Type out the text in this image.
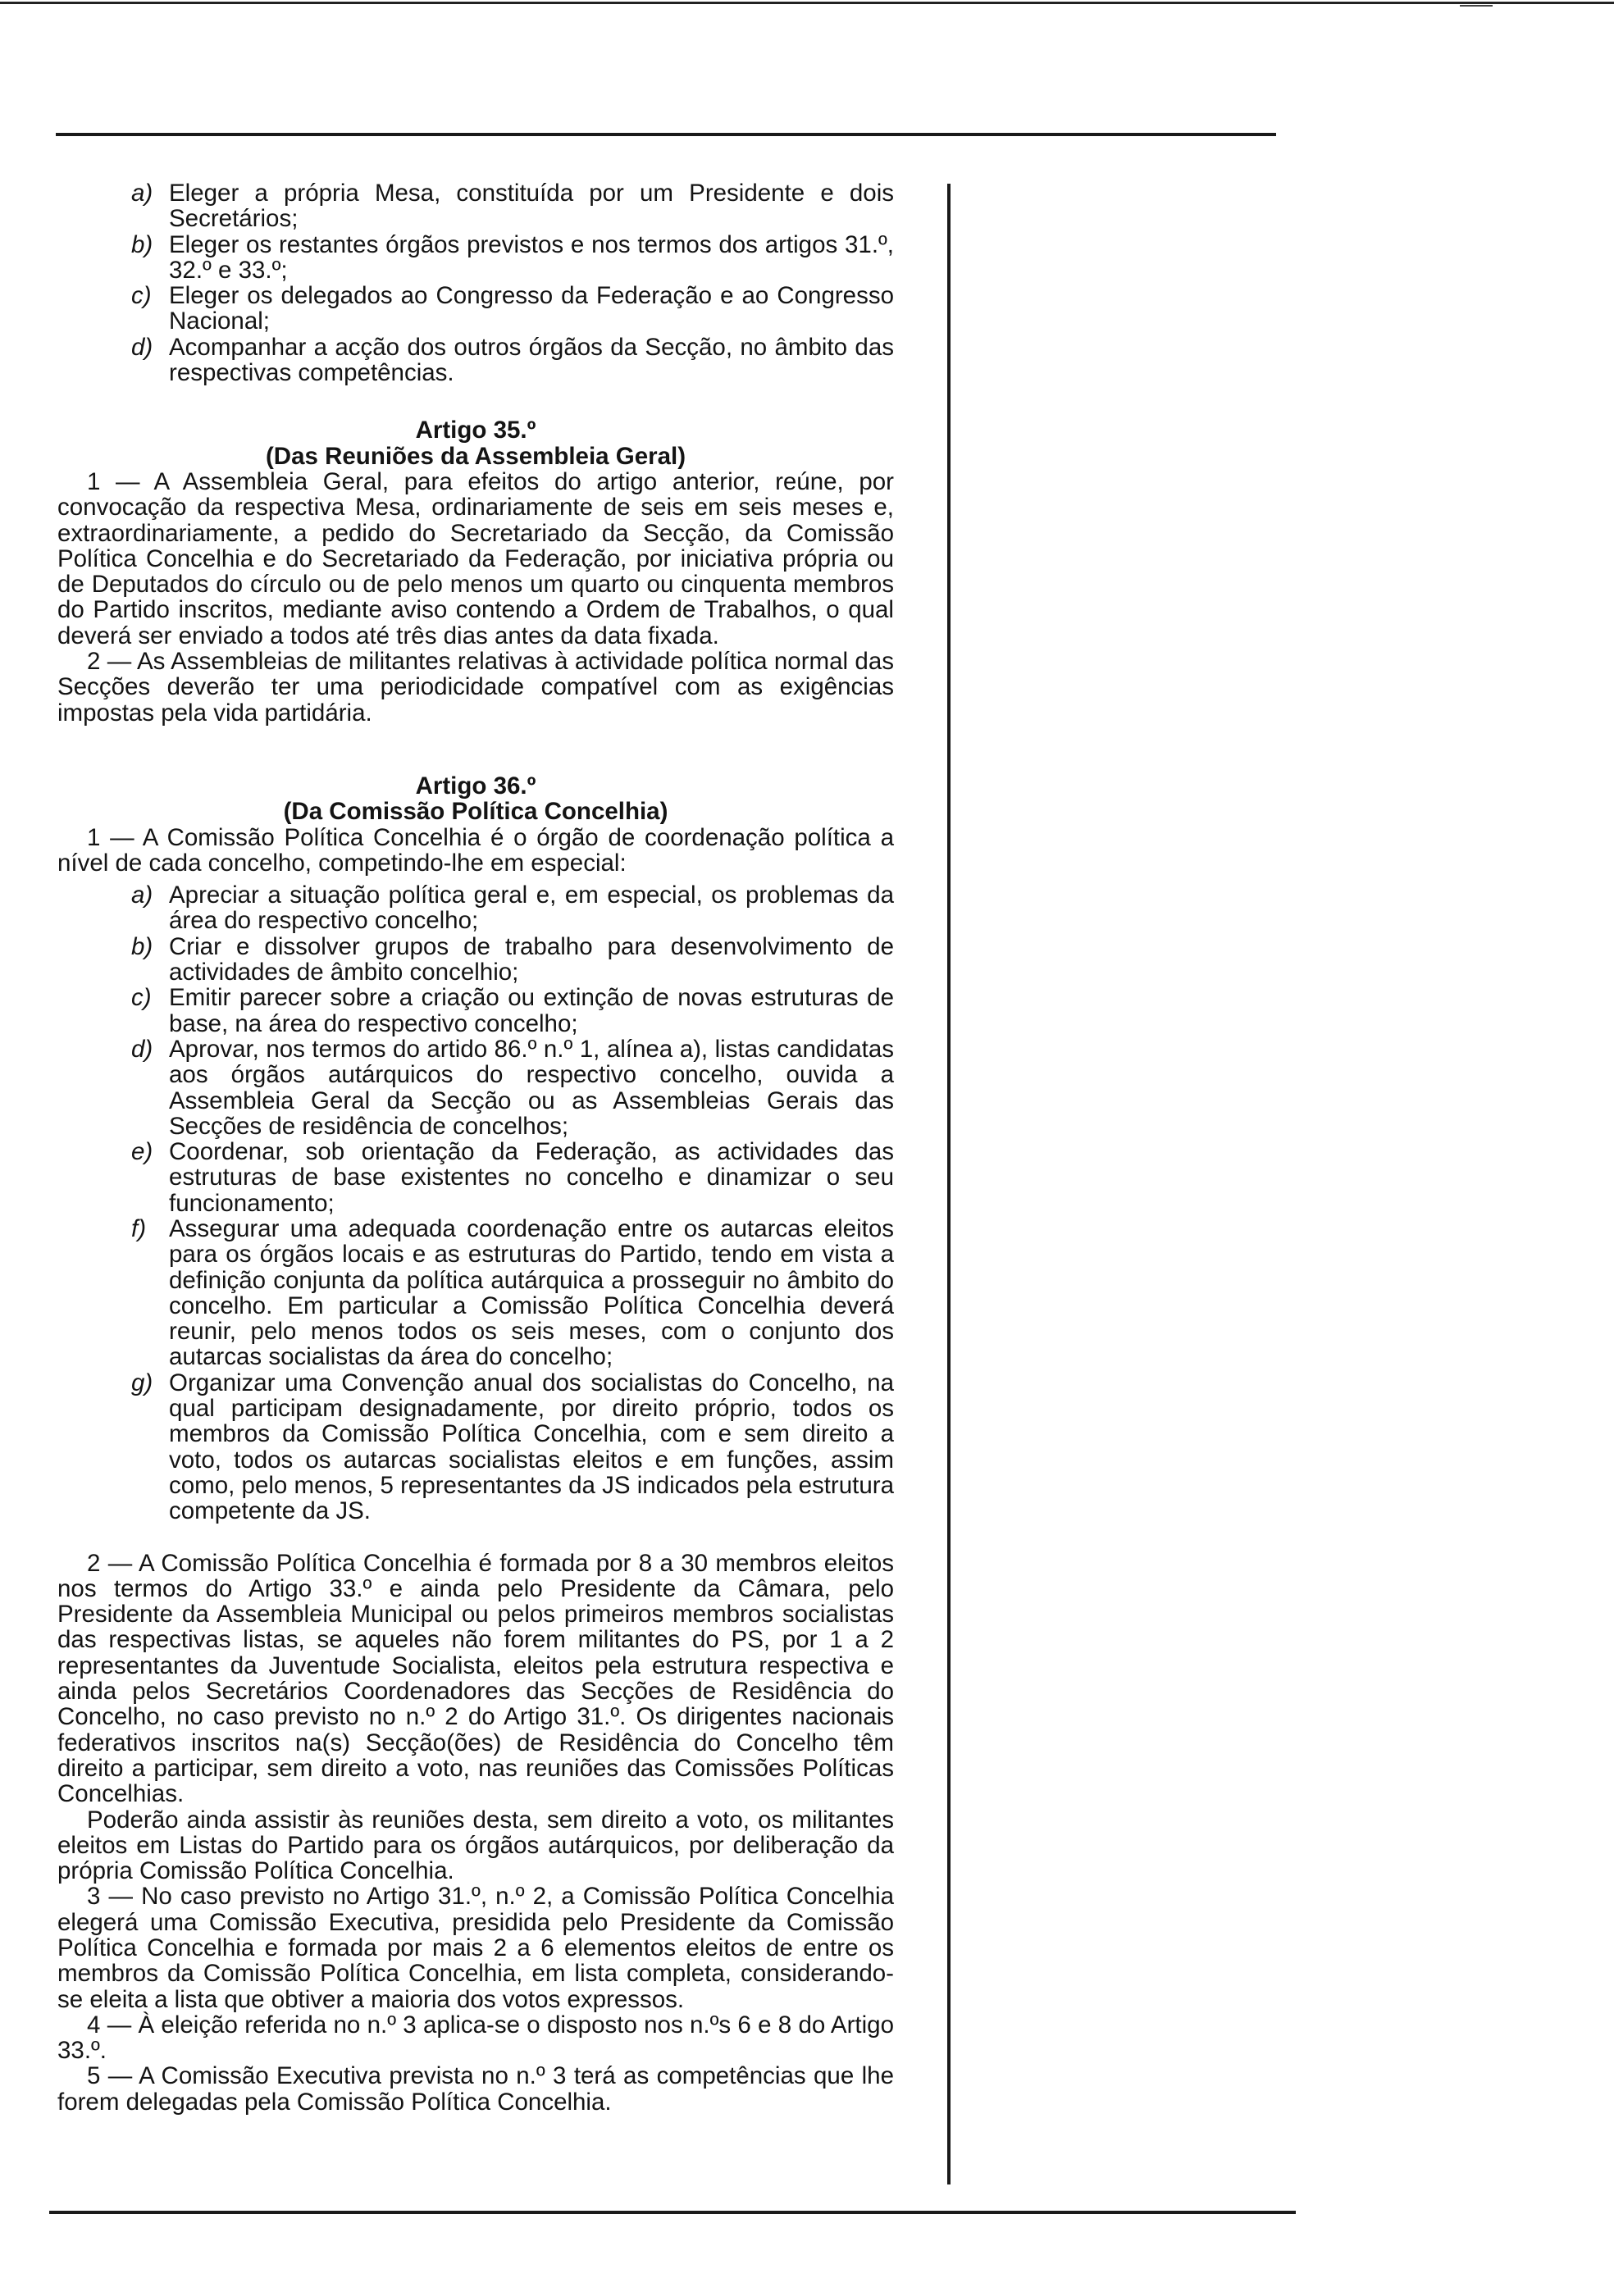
a) Eleger a própria Mesa, constituída por um Presidente e dois Secretários;
b) Eleger os restantes órgãos previstos e nos termos dos artigos 31.º, 32.º e 33.º;
c) Eleger os delegados ao Congresso da Federação e ao Congresso Nacional;
d) Acompanhar a acção dos outros órgãos da Secção, no âmbito das respectivas competências.
Artigo 35.º
(Das Reuniões da Assembleia Geral)

1 — A Assembleia Geral, para efeitos do artigo anterior, reúne, por convocação da respectiva Mesa, ordinariamente de seis em seis meses e, extraordinariamente, a pedido do Secretariado da Secção, da Comissão Política Concelhia e do Secretariado da Federação, por iniciativa própria ou de Deputados do círculo ou de pelo menos um quarto ou cinquenta membros do Partido inscritos, mediante aviso contendo a Ordem de Trabalhos, o qual deverá ser enviado a todos até três dias antes da data fixada.

2 — As Assembleias de militantes relativas à actividade política normal das Secções deverão ter uma periodicidade compatível com as exigências impostas pela vida partidária.

Artigo 36.º
(Da Comissão Política Concelhia)

1 — A Comissão Política Concelhia é o órgão de coordenação política a nível de cada concelho, competindo-lhe em especial:

a) Apreciar a situação política geral e, em especial, os problemas da área do respectivo concelho;
b) Criar e dissolver grupos de trabalho para desenvolvimento de actividades de âmbito concelhio;
c) Emitir parecer sobre a criação ou extinção de novas estruturas de base, na área do respectivo concelho;
d) Aprovar, nos termos do artido 86.º n.º 1, alínea a), listas candidatas aos órgãos autárquicos do respectivo concelho, ouvida a Assembleia Geral da Secção ou as Assembleias Gerais das Secções de residência de concelhos;
e) Coordenar, sob orientação da Federação, as actividades das estruturas de base existentes no concelho e dinamizar o seu funcionamento;
f) Assegurar uma adequada coordenação entre os autarcas eleitos para os órgãos locais e as estruturas do Partido, tendo em vista a definição conjunta da política autárquica a prosseguir no âmbito do concelho. Em particular a Comissão Política Concelhia deverá reunir, pelo menos todos os seis meses, com o conjunto dos autarcas socialistas da área do concelho;
g) Organizar uma Convenção anual dos socialistas do Concelho, na qual participam designadamente, por direito próprio, todos os membros da Comissão Política Concelhia, com e sem direito a voto, todos os autarcas socialistas eleitos e em funções, assim como, pelo menos, 5 representantes da JS indicados pela estrutura competente da JS.

2 — A Comissão Política Concelhia é formada por 8 a 30 membros eleitos nos termos do Artigo 33.º e ainda pelo Presidente da Câmara, pelo Presidente da Assembleia Municipal ou pelos primeiros membros socialistas das respectivas listas, se aqueles não forem militantes do PS, por 1 a 2 representantes da Juventude Socialista, eleitos pela estrutura respectiva e ainda pelos Secretários Coordenadores das Secções de Residência do Concelho, no caso previsto no n.º 2 do Artigo 31.º. Os dirigentes nacionais federativos inscritos na(s) Secção(ões) de Residência do Concelho têm direito a participar, sem direito a voto, nas reuniões das Comissões Políticas Concelhias.

Poderão ainda assistir às reuniões desta, sem direito a voto, os militantes eleitos em Listas do Partido para os órgãos autárquicos, por deliberação da própria Comissão Política Concelhia.

3 — No caso previsto no Artigo 31.º, n.º 2, a Comissão Política Concelhia elegerá uma Comissão Executiva, presidida pelo Presidente da Comissão Política Concelhia e formada por mais 2 a 6 elementos eleitos de entre os membros da Comissão Política Concelhia, em lista completa, considerando-se eleita a lista que obtiver a maioria dos votos expressos.

4 — À eleição referida no n.º 3 aplica-se o disposto nos n.ºs 6 e 8 do Artigo 33.º.

5 — A Comissão Executiva prevista no n.º 3 terá as competências que lhe forem delegadas pela Comissão Política Concelhia.
